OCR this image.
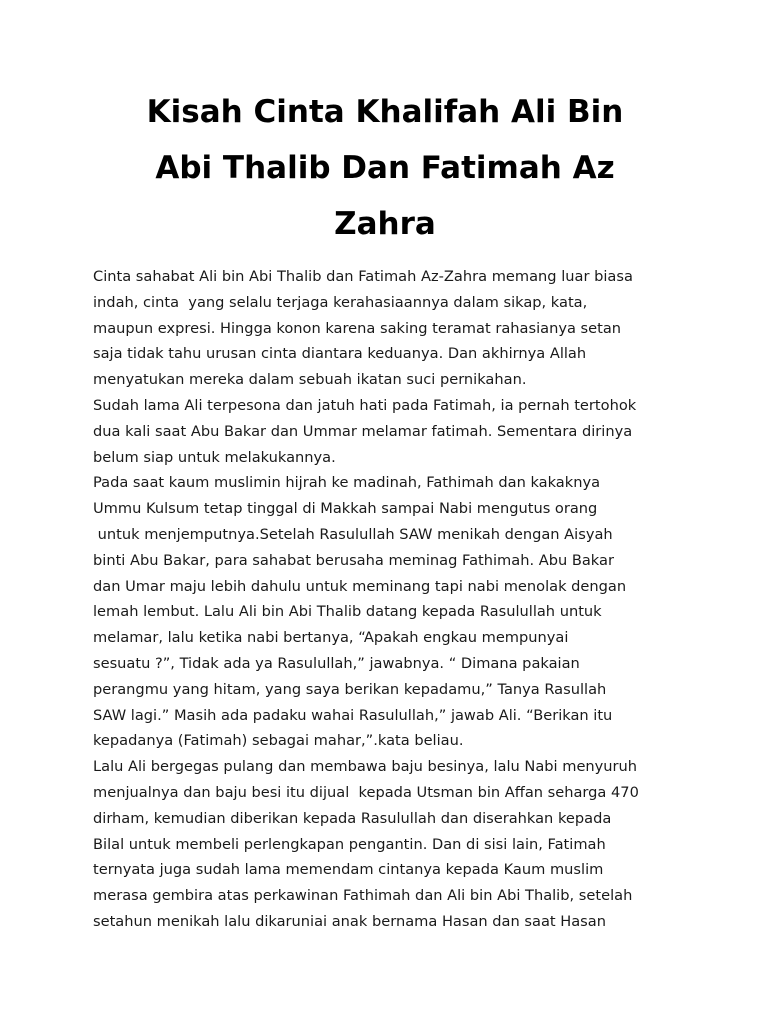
Kisah Cinta Khalifah Ali Bin
Abi Thalib Dan Fatimah Az
Zahra
Cinta sahabat Ali bin Abi Thalib dan Fatimah Az-Zahra memang luar biasa
indah, cinta  yang selalu terjaga kerahasiaannya dalam sikap, kata,
maupun expresi. Hingga konon karena saking teramat rahasianya setan
saja tidak tahu urusan cinta diantara keduanya. Dan akhirnya Allah
menyatukan mereka dalam sebuah ikatan suci pernikahan.
Sudah lama Ali terpesona dan jatuh hati pada Fatimah, ia pernah tertohok
dua kali saat Abu Bakar dan Ummar melamar fatimah. Sementara dirinya
belum siap untuk melakukannya.
Pada saat kaum muslimin hijrah ke madinah, Fathimah dan kakaknya
Ummu Kulsum tetap tinggal di Makkah sampai Nabi mengutus orang
untuk menjemputnya.Setelah Rasulullah SAW menikah dengan Aisyah
binti Abu Bakar, para sahabat berusaha meminag Fathimah. Abu Bakar
dan Umar maju lebih dahulu untuk meminang tapi nabi menolak dengan
lemah lembut. Lalu Ali bin Abi Thalib datang kepada Rasulullah untuk
melamar, lalu ketika nabi bertanya, “Apakah engkau mempunyai
sesuatu ?”, Tidak ada ya Rasulullah,” jawabnya. “ Dimana pakaian
perangmu yang hitam, yang saya berikan kepadamu,” Tanya Rasullah
SAW lagi.” Masih ada padaku wahai Rasulullah,” jawab Ali. “Berikan itu
kepadanya (Fatimah) sebagai mahar,”.kata beliau.
Lalu Ali bergegas pulang dan membawa baju besinya, lalu Nabi menyuruh
menjualnya dan baju besi itu dijual  kepada Utsman bin Affan seharga 470
dirham, kemudian diberikan kepada Rasulullah dan diserahkan kepada
Bilal untuk membeli perlengkapan pengantin. Dan di sisi lain, Fatimah
ternyata juga sudah lama memendam cintanya kepada Kaum muslim
merasa gembira atas perkawinan Fathimah dan Ali bin Abi Thalib, setelah
setahun menikah lalu dikaruniai anak bernama Hasan dan saat Hasan
